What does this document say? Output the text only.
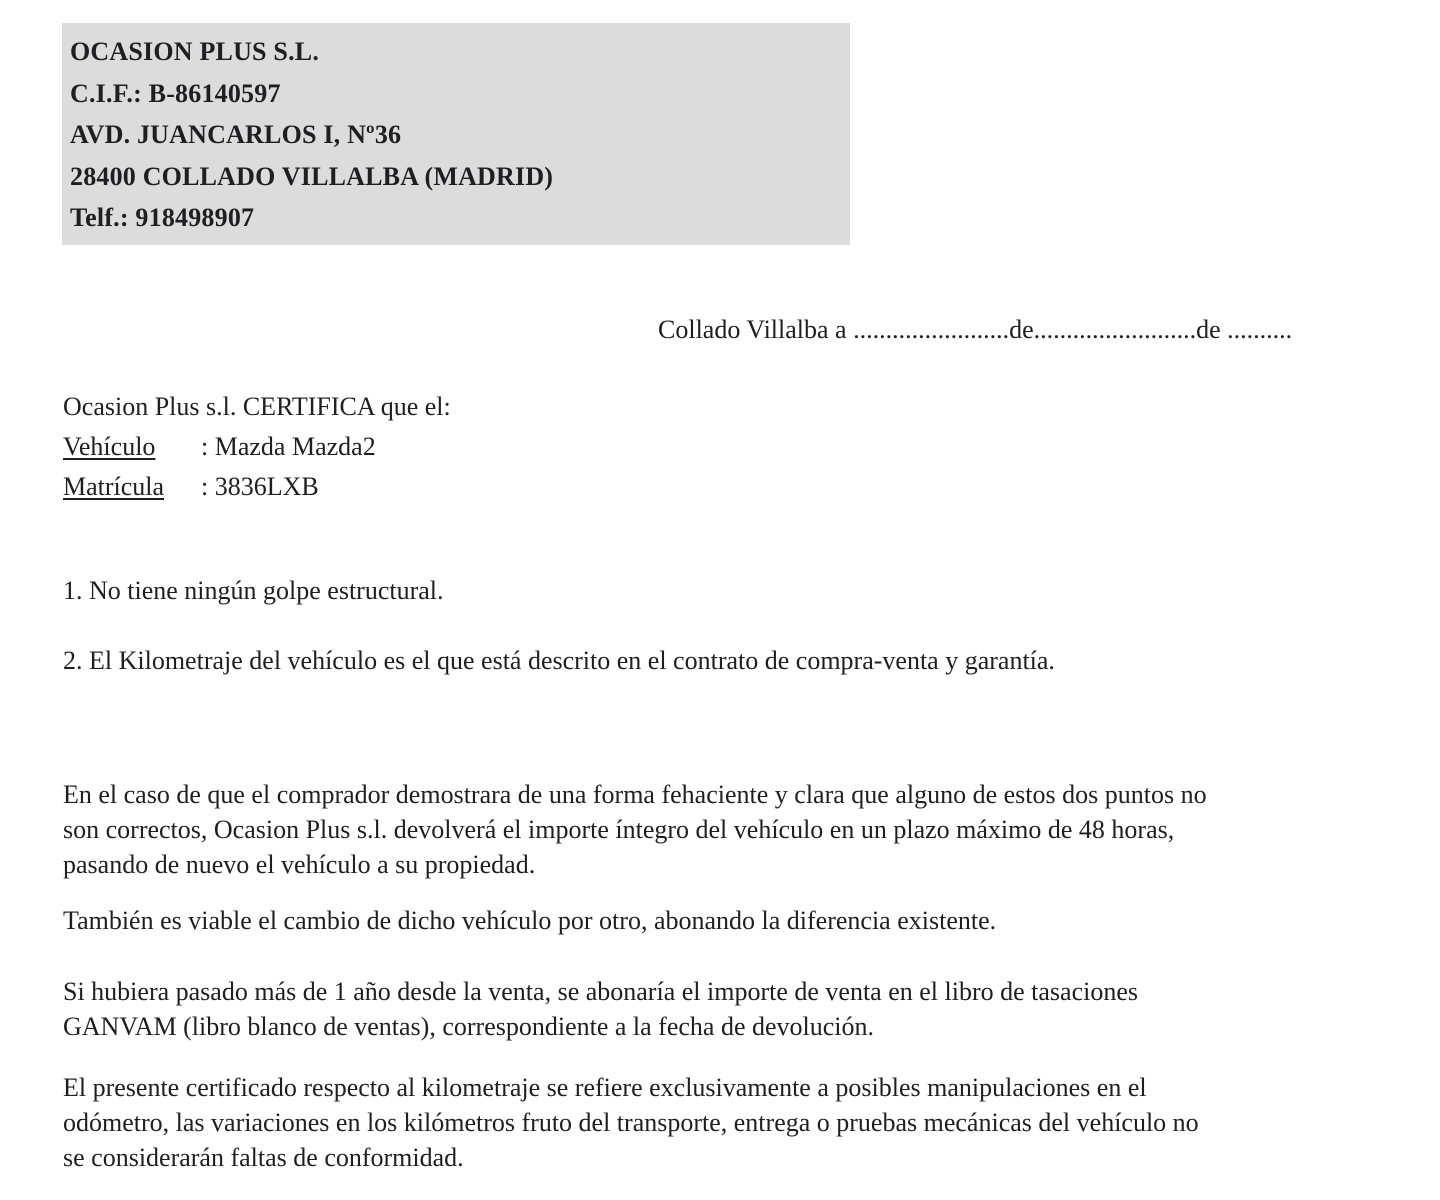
OCASION PLUS S.L.
C.I.F.: B-86140597
AVD. JUANCARLOS I, Nº36
28400 COLLADO VILLALBA (MADRID)
Telf.: 918498907
Collado Villalba a ........................de.........................de ..........
Ocasion Plus s.l. CERTIFICA que el:
Vehículo : Mazda Mazda2
Matrícula : 3836LXB
1. No tiene ningún golpe estructural.
2. El Kilometraje del vehículo es el que está descrito en el contrato de compra-venta y garantía.
En el caso de que el comprador demostrara de una forma fehaciente y clara que alguno de estos dos puntos no
son correctos, Ocasion Plus s.l. devolverá el importe íntegro del vehículo en un plazo máximo de 48 horas,
pasando de nuevo el vehículo a su propiedad.
También es viable el cambio de dicho vehículo por otro, abonando la diferencia existente.
Si hubiera pasado más de 1 año desde la venta, se abonaría el importe de venta en el libro de tasaciones
GANVAM (libro blanco de ventas), correspondiente a la fecha de devolución.
El presente certificado respecto al kilometraje se refiere exclusivamente a posibles manipulaciones en el
odómetro, las variaciones en los kilómetros fruto del transporte, entrega o pruebas mecánicas del vehículo no
se considerarán faltas de conformidad.
